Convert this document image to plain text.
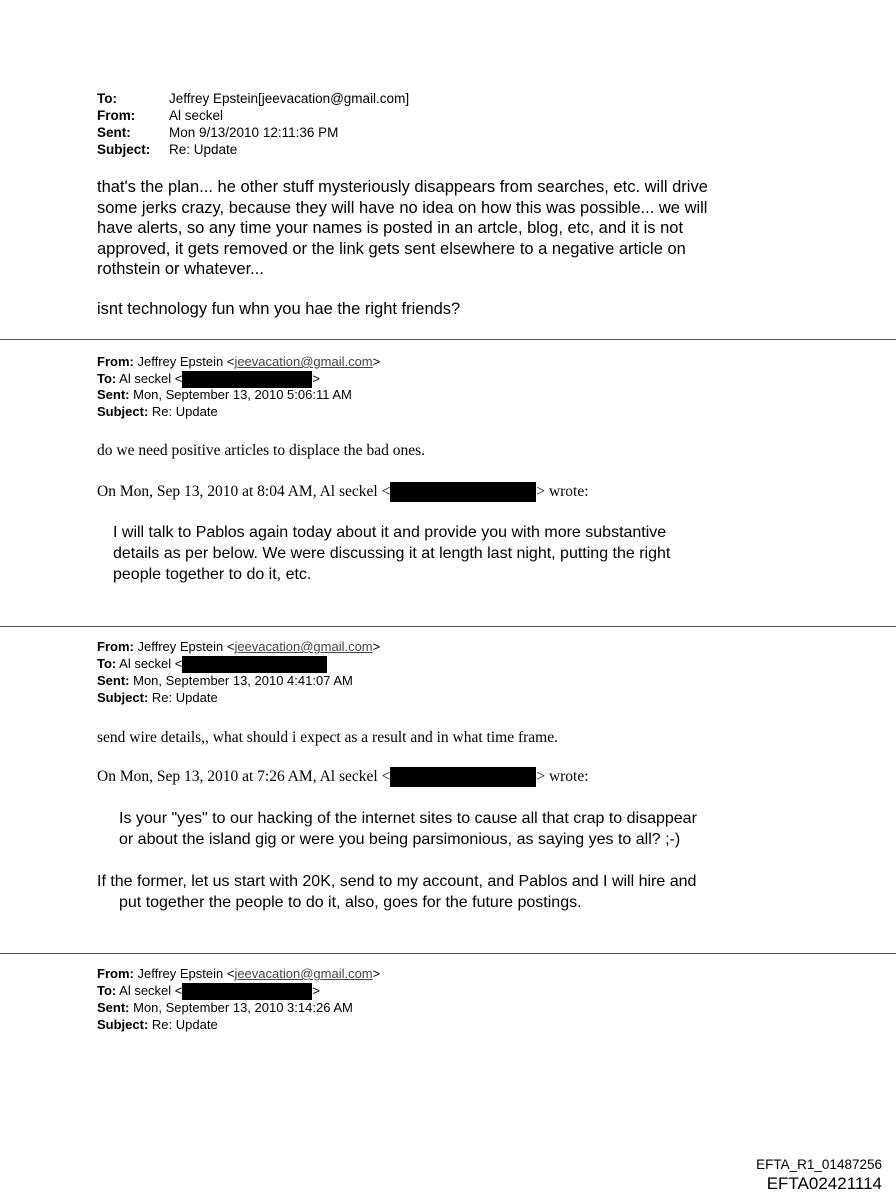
To:	Jeffrey Epstein[jeevacation@gmail.com]
From:	Al seckel
Sent:	Mon 9/13/2010 12:11:36 PM
Subject: Re: Update
that's the plan... he other stuff mysteriously disappears from searches, etc. will drive
some jerks crazy, because they will have no idea on how this was possible... we will
have alerts, so any time your names is posted in an artcle, blog, etc, and it is not
approved, it gets removed or the link gets sent elsewhere to a negative article on
rothstein or whatever...
isnt technology fun whn you hae the right friends?
From: Jeffrey Epstein <jeevacation@gmail.com>
To: Al seckel <	>
Sent: Mon, September 13, 2010 5:06:11 AM
Subject: Re: Update
do we need positive articles to displace the bad ones.
On Mon, Sep 13, 2010 at 8:04 AM, Al seckel <	> wrote:
I will talk to Pablos again today about it and provide you with more substantive
details as per below. We were discussing it at length last night, putting the right
people together to do it, etc.
From: Jeffrey Epstein <jeevacation@gmail.com>
To: Al seckel <
Sent: Mon, September 13, 2010 4:41:07 AM
Subject: Re: Update
send wire details,, what should i expect as a result and in what time frame.
On Mon, Sep 13, 2010 at 7:26 AM, Al seckel <	> wrote:
Is your "yes" to our hacking of the internet sites to cause all that crap to disappear
or about the island gig or were you being parsimonious, as saying yes to all? ;-)
If the former, let us start with 20K, send to my account, and Pablos and I will hire and
put together the people to do it, also, goes for the future postings.
From: Jeffrey Epstein <jeevacation@gmail.com>
To: Al seckel <	>
Sent: Mon, September 13, 2010 3:14:26 AM
Subject: Re: Update
EFTA_R1_01487256
EFTA02421114
